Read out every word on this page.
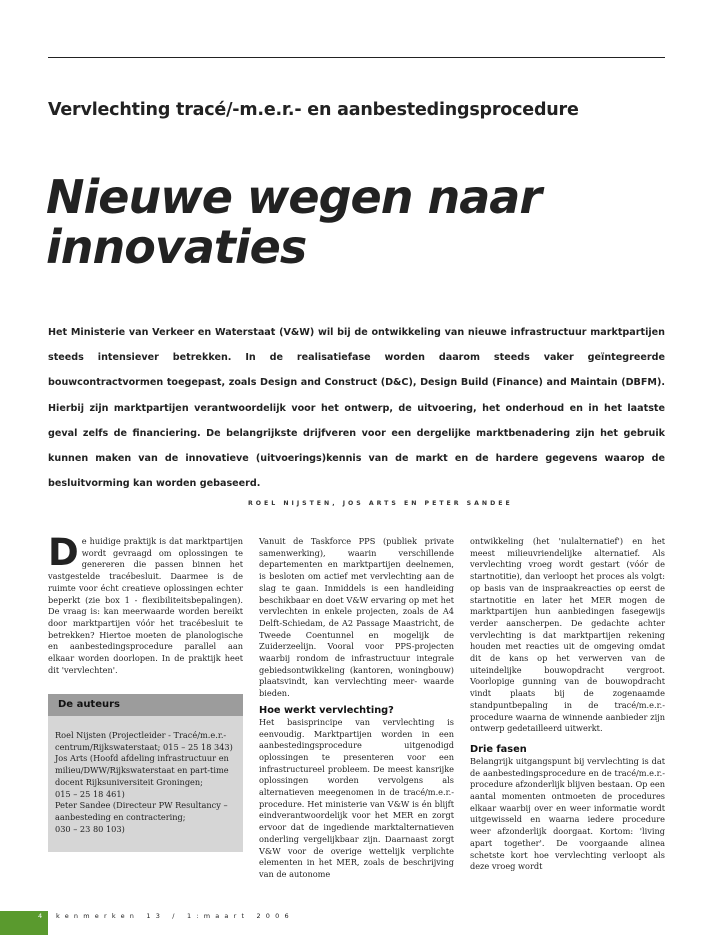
Vervlechting tracé/-m.e.r.- en aanbestedingsprocedure
Nieuwe wegen naar innovaties

Het Ministerie van Verkeer en Waterstaat (V&W) wil bij de ontwikkeling van nieuwe infrastructuur marktpartijen steeds intensiever betrekken. In de realisatiefase worden daarom steeds vaker geïntegreerde bouwcontractvormen toegepast, zoals Design and Construct (D&C), Design Build (Finance) and Maintain (DBFM). Hierbij zijn marktpartijen verantwoordelijk voor het ontwerp, de uitvoering, het onderhoud en in het laatste geval zelfs de financiering. De belangrijkste drijfveren voor een dergelijke marktbenadering zijn het gebruik kunnen maken van de innovatieve (uitvoerings)kennis van de markt en de hardere gegevens waarop de besluitvorming kan worden gebaseerd.

ROEL NIJSTEN, JOS ARTS EN PETER SANDEE

De huidige praktijk is dat marktpartijen wordt gevraagd om oplossingen te genereren die passen binnen het vastgestelde tracébesluit. Daarmee is de ruimte voor écht creatieve oplossingen echter beperkt (zie box 1 - flexibiliteitsbepalingen). De vraag is: kan meerwaarde worden bereikt door marktpartijen vóór het tracébesluit te betrekken? Hiertoe moeten de planologische en aanbestedingsprocedure parallel aan elkaar worden doorlopen. In de praktijk heet dit 'vervlechten'.

De auteurs
Roel Nijsten (Projectleider - Tracé/m.e.r.-centrum/Rijkswaterstaat; 015 – 25 18 343)
Jos Arts (Hoofd afdeling infrastructuur en milieu/DWW/Rijkswaterstaat en part-time docent Rijksuniversiteit Groningen;
015 – 25 18 461)
Peter Sandee (Directeur PW Resultancy – aanbesteding en contractering;
030 – 23 80 103)

Vanuit de Taskforce PPS (publiek private samenwerking), waarin verschillende departementen en marktpartijen deelnemen, is besloten om actief met vervlechting aan de slag te gaan. Inmiddels is een handleiding beschikbaar en doet V&W ervaring op met het vervlechten in enkele projecten, zoals de A4 Delft-Schiedam, de A2 Passage Maastricht, de Tweede Coentunnel en mogelijk de Zuiderzeelijn. Vooral voor PPS-projecten waarbij rondom de infrastructuur integrale gebiedsontwikkeling (kantoren, woningbouw) plaatsvindt, kan vervlechting meer- waarde bieden.

Hoe werkt vervlechting?

Het basisprincipe van vervlechting is eenvoudig. Marktpartijen worden in een aanbestedingsprocedure uitgenodigd oplossingen te presenteren voor een infrastructureel probleem. De meest kansrijke oplossingen worden vervolgens als alternatieven meegenomen in de tracé/m.e.r.-procedure. Het ministerie van V&W is én blijft eindverantwoordelijk voor het MER en zorgt ervoor dat de ingediende marktalternatieven onderling vergelijkbaar zijn. Daarnaast zorgt V&W voor de overige wettelijk verplichte elementen in het MER, zoals de beschrijving van de autonome

ontwikkeling (het 'nulalternatief') en het meest milieuvriendelijke alternatief. Als vervlechting vroeg wordt gestart (vóór de startnotitie), dan verloopt het proces als volgt: op basis van de inspraakreacties op eerst de startnotitie en later het MER mogen de marktpartijen hun aanbiedingen fasegewijs verder aanscherpen. De gedachte achter vervlechting is dat marktpartijen rekening houden met reacties uit de omgeving omdat dit de kans op het verwerven van de uiteindelijke bouwopdracht vergroot. Voorlopige gunning van de bouwopdracht vindt plaats bij de zogenaamde standpuntbepaling in de tracé/m.e.r.-procedure waarna de winnende aanbieder zijn ontwerp gedetailleerd uitwerkt.

Drie fasen

Belangrijk uitgangspunt bij vervlechting is dat de aanbestedingsprocedure en de tracé/m.e.r.-procedure afzonderlijk blijven bestaan. Op een aantal momenten ontmoeten de procedures elkaar waarbij over en weer informatie wordt uitgewisseld en waarna iedere procedure weer afzonderlijk doorgaat. Kortom: 'living apart together'. De voorgaande alinea schetste kort hoe vervlechting verloopt als deze vroeg wordt

4 kenmerken 13 / 1:maart 2006
